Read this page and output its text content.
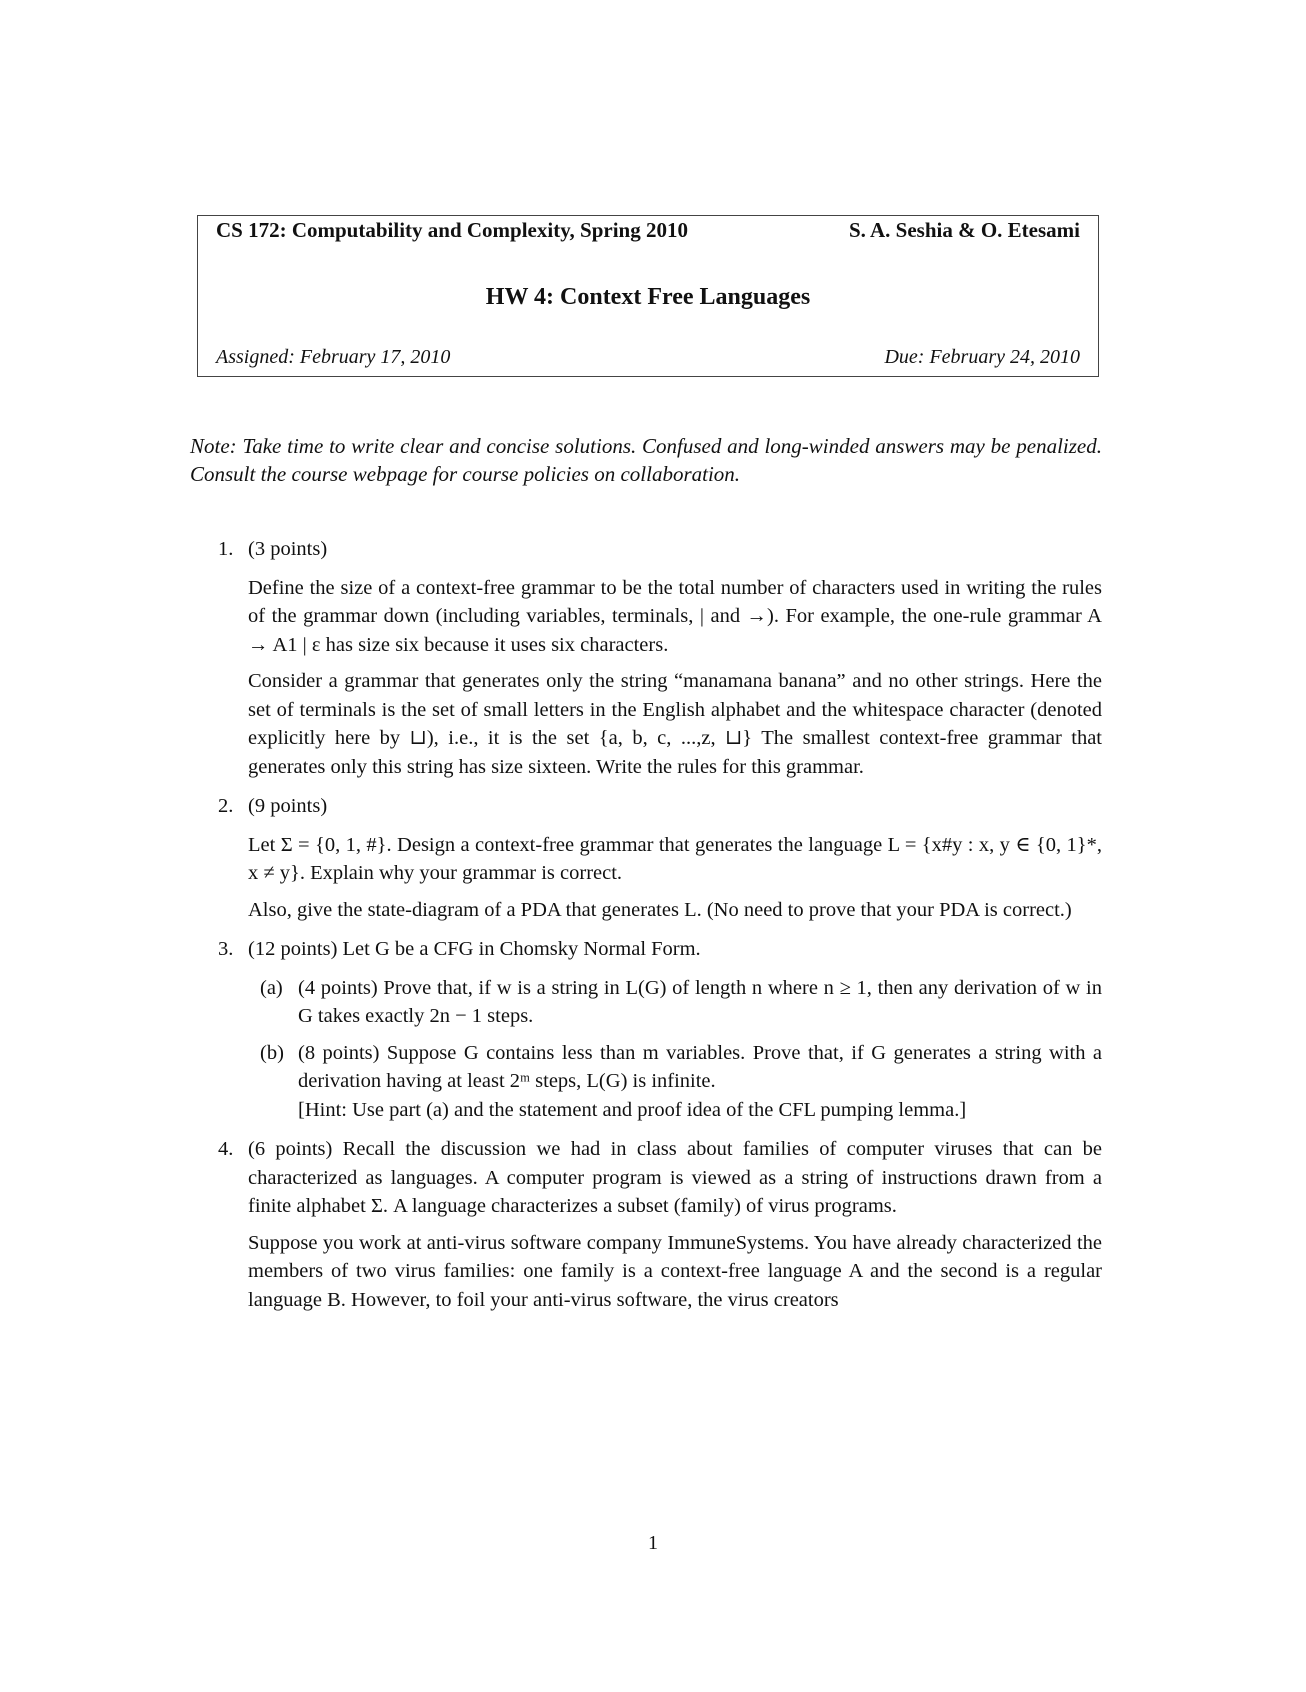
CS 172: Computability and Complexity, Spring 2010	S. A. Seshia & O. Etesami
HW 4: Context Free Languages
Assigned: February 17, 2010	Due: February 24, 2010
Note: Take time to write clear and concise solutions. Confused and long-winded answers may be penalized. Consult the course webpage for course policies on collaboration.
1. (3 points)

Define the size of a context-free grammar to be the total number of characters used in writing the rules of the grammar down (including variables, terminals, | and →). For example, the one-rule grammar A → A1 | ε has size six because it uses six characters.

Consider a grammar that generates only the string “manamana banana” and no other strings. Here the set of terminals is the set of small letters in the English alphabet and the whitespace character (denoted explicitly here by ⊔), i.e., it is the set {a, b, c, ...,z, ⊔} The smallest context-free grammar that generates only this string has size sixteen. Write the rules for this grammar.

2. (9 points)

Let Σ = {0, 1, #}. Design a context-free grammar that generates the language L = {x#y : x, y ∈ {0, 1}*, x ≠ y}. Explain why your grammar is correct.

Also, give the state-diagram of a PDA that generates L. (No need to prove that your PDA is correct.)

3. (12 points) Let G be a CFG in Chomsky Normal Form.

(a) (4 points) Prove that, if w is a string in L(G) of length n where n ≥ 1, then any derivation of w in G takes exactly 2n − 1 steps.

(b) (8 points) Suppose G contains less than m variables. Prove that, if G generates a string with a derivation having at least 2ᵐ steps, L(G) is infinite.

[Hint: Use part (a) and the statement and proof idea of the CFL pumping lemma.]

4. (6 points) Recall the discussion we had in class about families of computer viruses that can be characterized as languages. A computer program is viewed as a string of instructions drawn from a finite alphabet Σ. A language characterizes a subset (family) of virus programs.

Suppose you work at anti-virus software company ImmuneSystems. You have already characterized the members of two virus families: one family is a context-free language A and the second is a regular language B. However, to foil your anti-virus software, the virus creators

1
